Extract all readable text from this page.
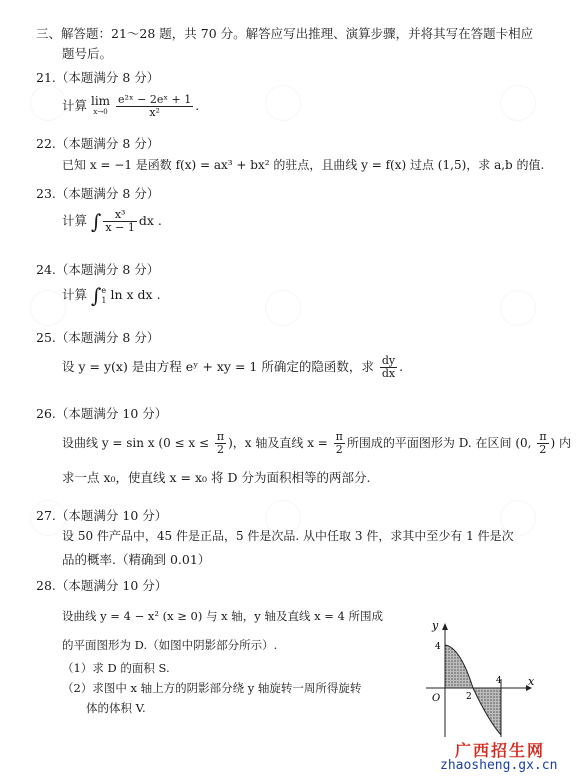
三、解答题：21～28 题，共 70 分。解答应写出推理、演算步骤，并将其写在答题卡相应
题号后。
21.（本题满分 8 分）
计算 lim
x→0
$\frac{\text{e²ˣ − 2eˣ + 1}}{\text{x²}}$ .
22.（本题满分 8 分）
已知 x = −1 是函数 f(x) = ax³ + bx² 的驻点，且曲线 y = f(x) 过点 (1,5)，求 a,b 的值.
23.（本题满分 8 分）
计算 ∫ $\frac{\text{x³}}{x - 1}$ dx .
24.（本题满分 8 分）
计算 ∫ e
1 ln x dx .
25.（本题满分 8 分）
设 y = y(x) 是由方程 eʸ + xy = 1 所确定的隐函数，求 $\frac{dy}{dx}$ .
26.（本题满分 10 分）
设曲线 y = sin x ($0 \le x \le \frac{\pi}{2}$ )，x 轴及直线 $x = \frac{\pi}{2}$ 所围成的平面图形为 D. 在区间 (0, $\frac{\pi}{2}$ ) 内
求一点 x₀，使直线 x = x₀ 将 D 分为面积相等的两部分.
27.（本题满分 10 分）
设 50 件产品中，45 件是正品，5 件是次品. 从中任取 3 件，求其中至少有 1 件是次
品的概率.（精确到 0.01）
28.（本题满分 10 分）
设曲线 y = 4 − x² (x ≥ 0) 与 x 轴，y 轴及直线 x = 4 所围成
的平面图形为 D.（如图中阴影部分所示）.
（1）求 D 的面积 S.
（2）求图中 x 轴上方的阴影部分绕 y 轴旋转一周所得旋转
体的体积 V.
y
x
O
4
2
4
广西招生网
zhaosheng.gx.cn
